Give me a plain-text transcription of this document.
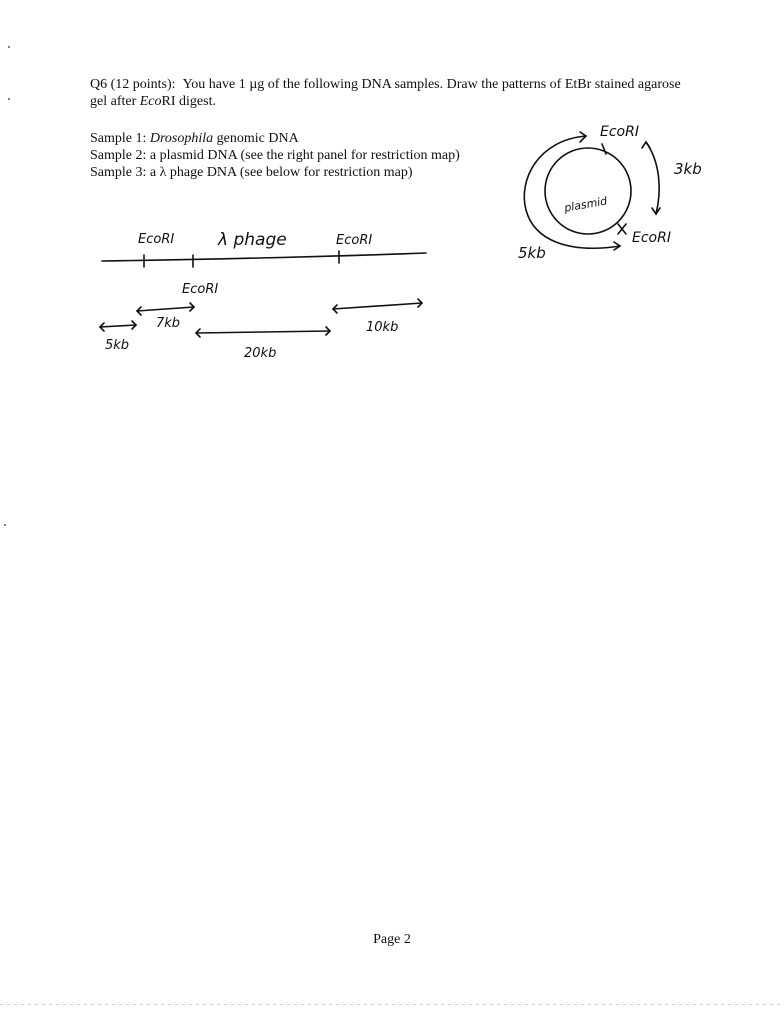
Q6 (12 points): You have 1 µg of the following DNA samples. Draw the patterns of EtBr stained agarose gel after EcoRI digest.
Sample 1: Drosophila genomic DNA
Sample 2: a plasmid DNA (see the right panel for restriction map)
Sample 3: a λ phage DNA (see below for restriction map)
EcoRI	λ phage	EcoRI
EcoRI
5kb
7kb
20kb
10kb
EcoRI
3kb
plasmid
EcoRI
5kb
Page 2
